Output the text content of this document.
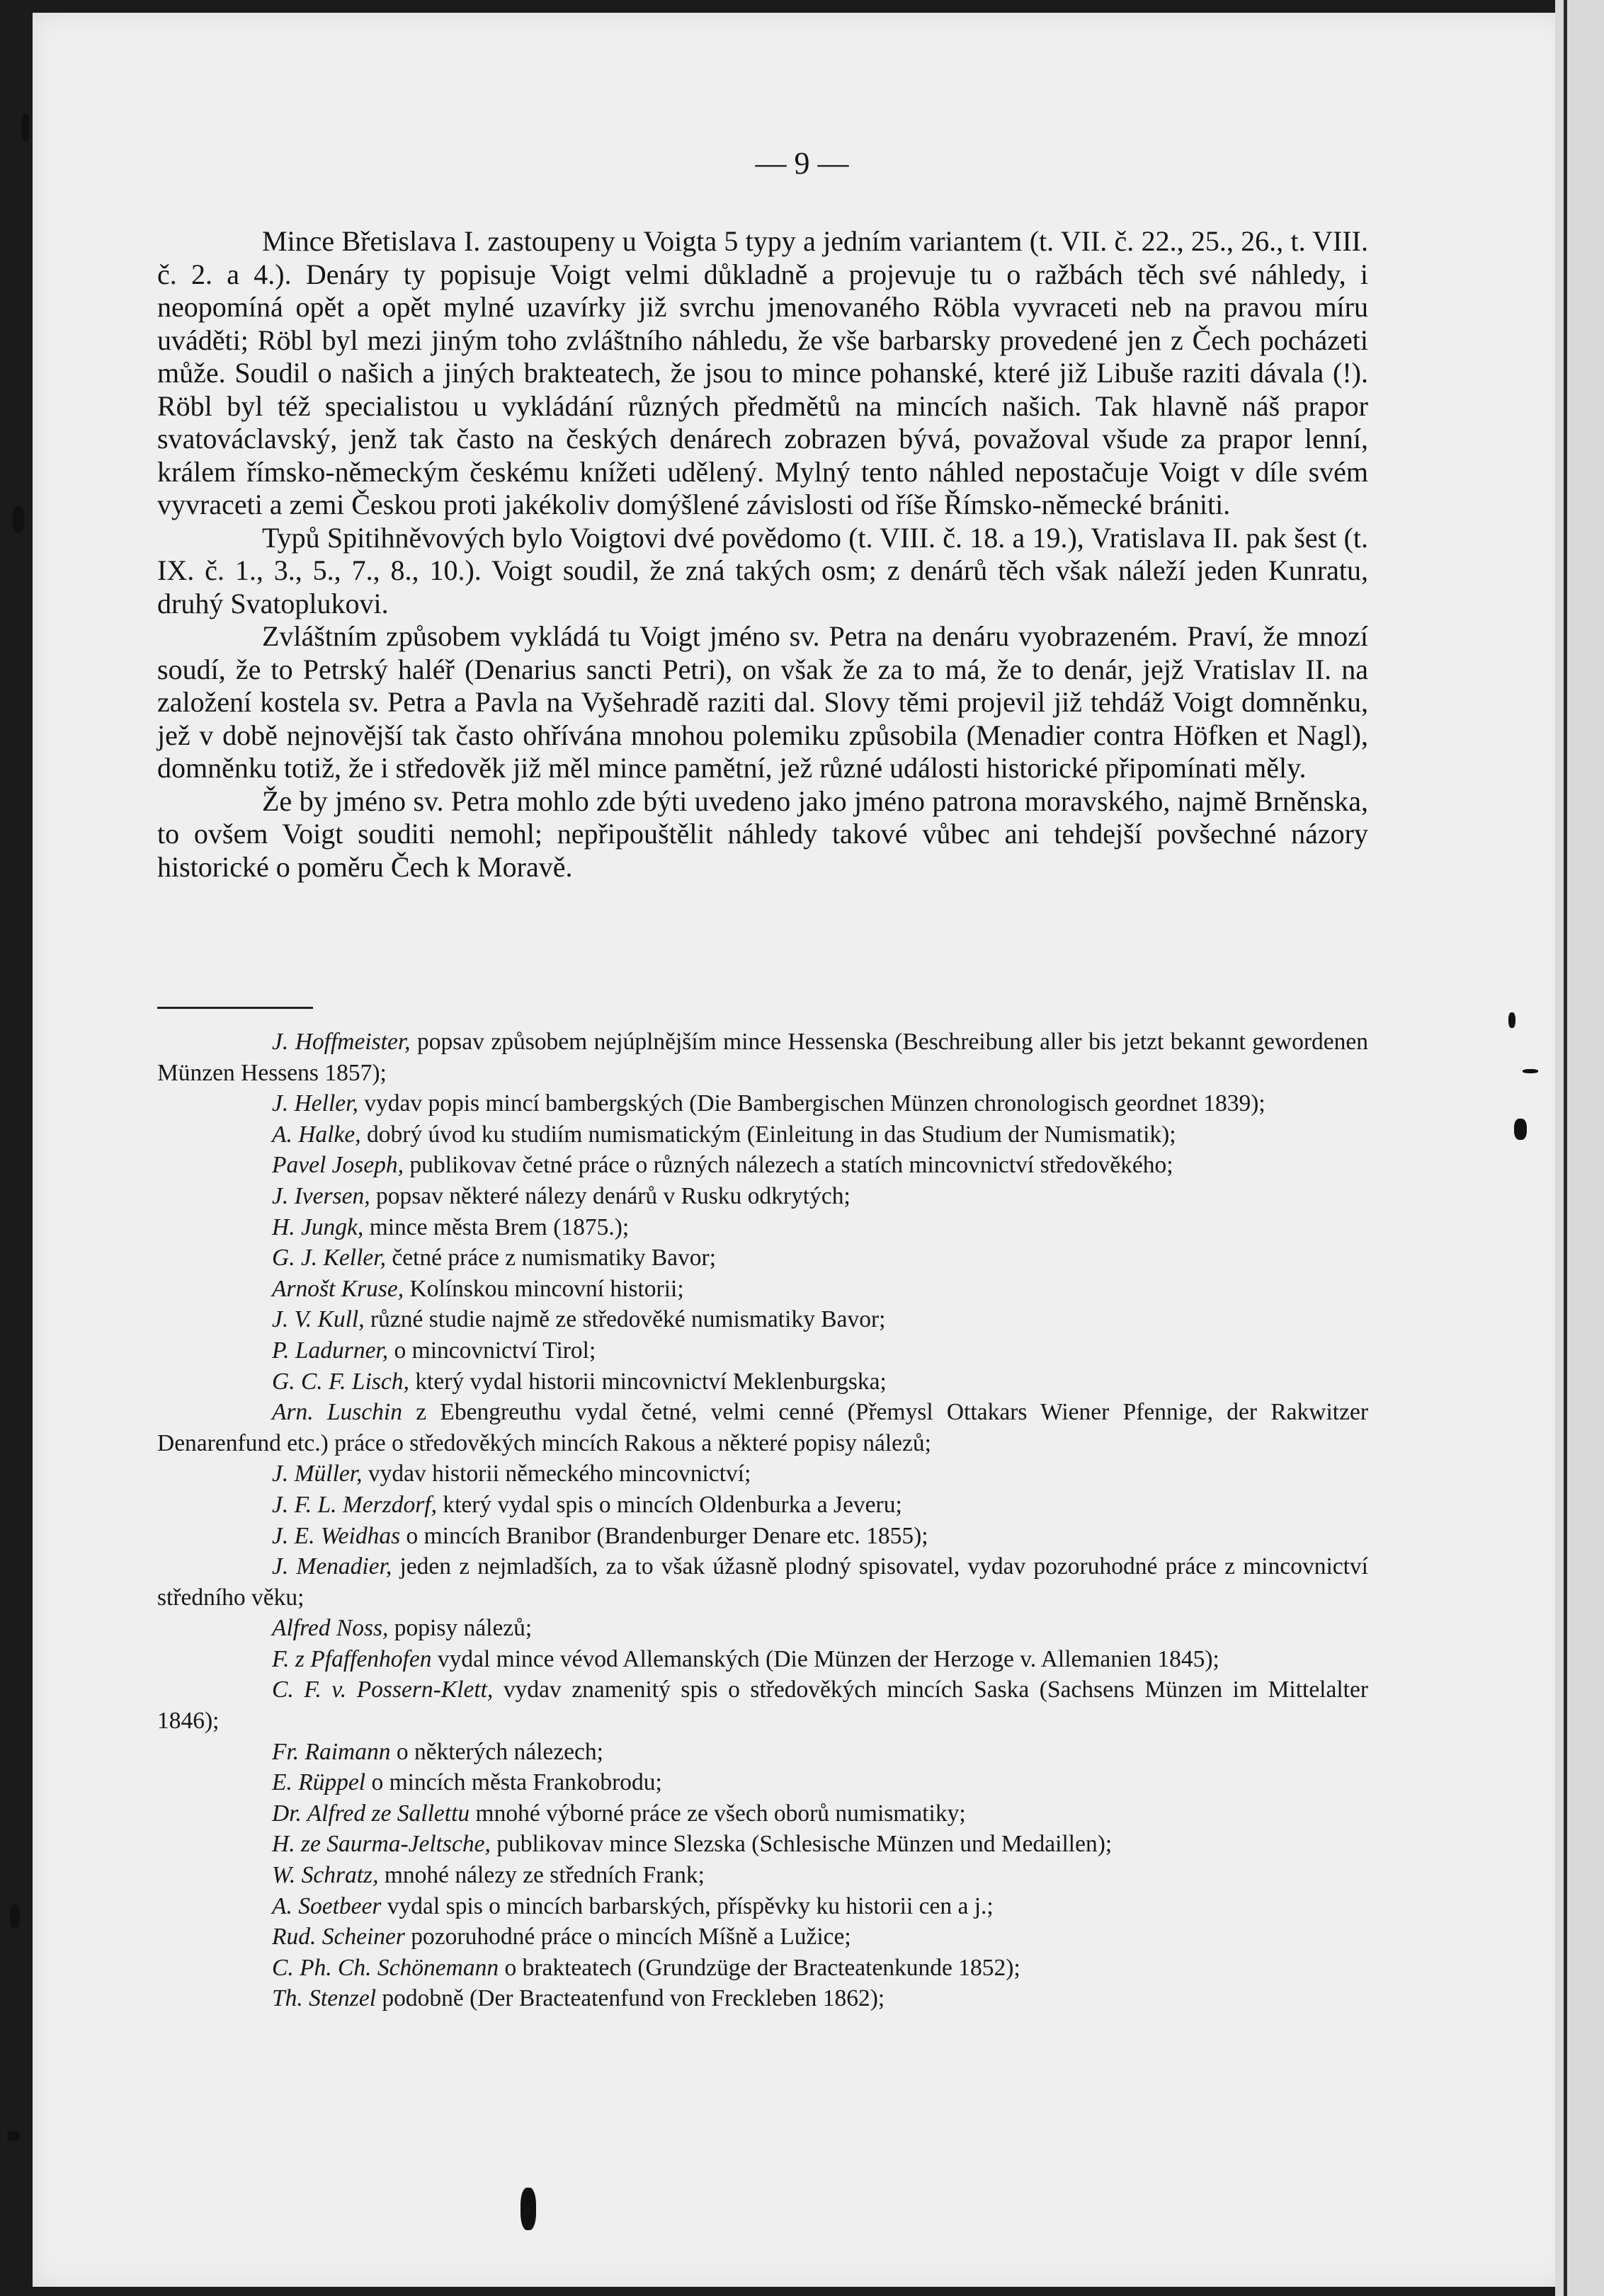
— 9 —

Mince Břetislava I. zastoupeny u Voigta 5 typy a jedním variantem (t. VII. č. 22., 25., 26., t. VIII. č. 2. a 4.). Denáry ty popisuje Voigt velmi důkladně a projevuje tu o ražbách těch své náhledy, i neopomíná opět a opět mylné uzavírky již svrchu jmenovaného Röbla vyvraceti neb na pravou míru uváděti; Röbl byl mezi jiným toho zvláštního náhledu, že vše barbarsky provedené jen z Čech pocházeti může. Soudil o našich a jiných brakteatech, že jsou to mince pohanské, které již Libuše raziti dávala (!). Röbl byl též specialistou u vykládání různých předmětů na mincích našich. Tak hlavně náš prapor svatováclavský, jenž tak často na českých denárech zobrazen bývá, považoval všude za prapor lenní, králem římsko-německým českému knížeti udělený. Mylný tento náhled nepostačuje Voigt v díle svém vyvraceti a zemi Českou proti jakékoliv domýšlené závislosti od říše Římsko-německé brániti.

Typů Spitihněvových bylo Voigtovi dvé povědomo (t. VIII. č. 18. a 19.), Vratislava II. pak šest (t. IX. č. 1., 3., 5., 7., 8., 10.). Voigt soudil, že zná takých osm; z denárů těch však náleží jeden Kunratu, druhý Svatoplukovi.

Zvláštním způsobem vykládá tu Voigt jméno sv. Petra na denáru vyobrazeném. Praví, že mnozí soudí, že to Petrský haléř (Denarius sancti Petri), on však že za to má, že to denár, jejž Vratislav II. na založení kostela sv. Petra a Pavla na Vyšehradě raziti dal. Slovy těmi projevil již tehdáž Voigt domněnku, jež v době nejnovější tak často ohřívána mnohou polemiku způsobila (Menadier contra Höfken et Nagl), domněnku totiž, že i středověk již měl mince pamětní, jež různé události historické připomínati měly.

Že by jméno sv. Petra mohlo zde býti uvedeno jako jméno patrona moravského, najmě Brněnska, to ovšem Voigt souditi nemohl; nepřipouštělit náhledy takové vůbec ani tehdejší povšechné názory historické o poměru Čech k Moravě.

J. Hoffmeister, popsav způsobem nejúplnějším mince Hessenska (Beschreibung aller bis jetzt bekannt gewordenen Münzen Hessens 1857);

J. Heller, vydav popis mincí bambergských (Die Bambergischen Münzen chronologisch geordnet 1839);

A. Halke, dobrý úvod ku studiím numismatickým (Einleitung in das Studium der Numismatik);

Pavel Joseph, publikovav četné práce o různých nálezech a statích mincovnictví středověkého;

J. Iversen, popsav některé nálezy denárů v Rusku odkrytých;

H. Jungk, mince města Brem (1875.);

G. J. Keller, četné práce z numismatiky Bavor;

Arnošt Kruse, Kolínskou mincovní historii;

J. V. Kull, různé studie najmě ze středověké numismatiky Bavor;

P. Ladurner, o mincovnictví Tirol;

G. C. F. Lisch, který vydal historii mincovnictví Meklenburgska;

Arn. Luschin z Ebengreuthu vydal četné, velmi cenné (Přemysl Ottakars Wiener Pfennige, der Rakwitzer Denarenfund etc.) práce o středověkých mincích Rakous a některé popisy nálezů;

J. Müller, vydav historii německého mincovnictví;

J. F. L. Merzdorf, který vydal spis o mincích Oldenburka a Jeveru;

J. E. Weidhas o mincích Branibor (Brandenburger Denare etc. 1855);

J. Menadier, jeden z nejmladších, za to však úžasně plodný spisovatel, vydav pozoruhodné práce z mincovnictví středního věku;

Alfred Noss, popisy nálezů;

F. z Pfaffenhofen vydal mince vévod Allemanských (Die Münzen der Herzoge v. Allemanien 1845);

C. F. v. Possern-Klett, vydav znamenitý spis o středověkých mincích Saska (Sachsens Münzen im Mittelalter 1846);

Fr. Raimann o některých nálezech;

E. Rüppel o mincích města Frankobrodu;

Dr. Alfred ze Sallettu mnohé výborné práce ze všech oborů numismatiky;

H. ze Saurma-Jeltsche, publikovav mince Slezska (Schlesische Münzen und Medaillen);

W. Schratz, mnohé nálezy ze středních Frank;

A. Soetbeer vydal spis o mincích barbarských, příspěvky ku historii cen a j.;

Rud. Scheiner pozoruhodné práce o mincích Míšně a Lužice;

C. Ph. Ch. Schönemann o brakteatech (Grundzüge der Bracteatenkunde 1852);

Th. Stenzel podobně (Der Bracteatenfund von Freckleben 1862);
